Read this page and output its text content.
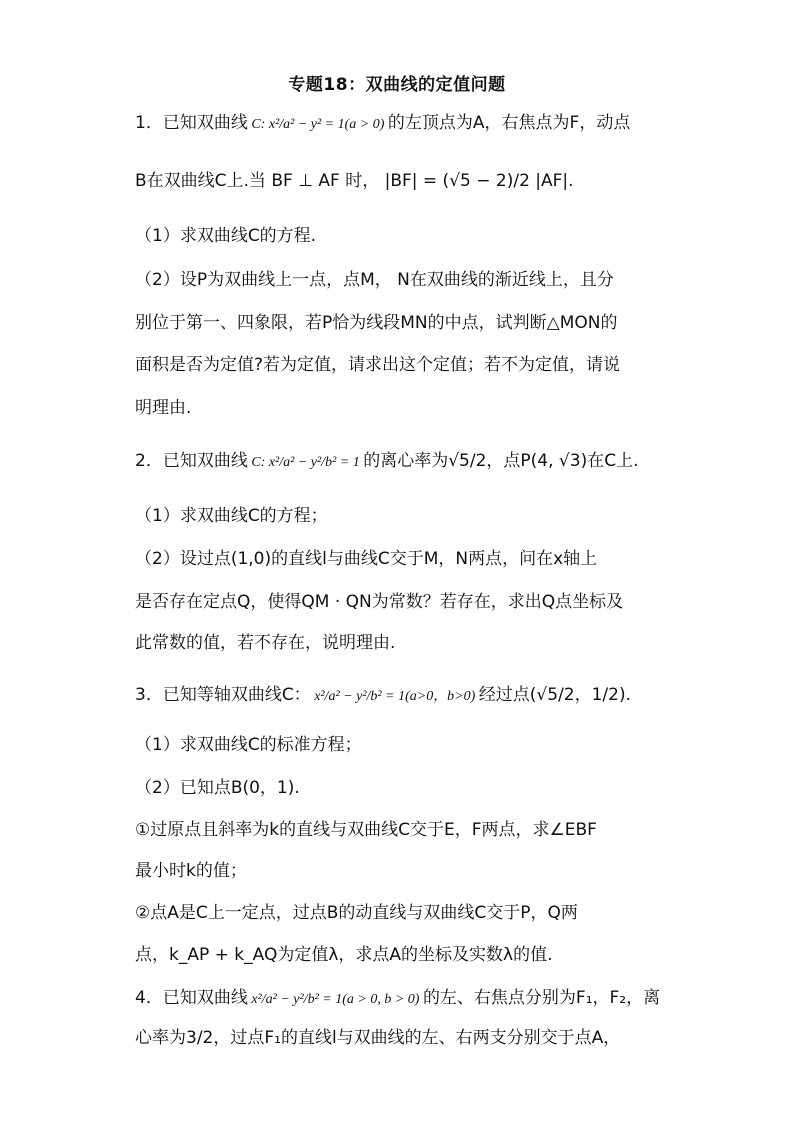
专题18：双曲线的定值问题
1．已知双曲线 C: x²/a² − y² = 1(a > 0) 的左顶点为A，右焦点为F，动点
B在双曲线C上.当 BF ⊥ AF 时， |BF| = (√5 − 2)/2 |AF|.
（1）求双曲线C的方程.
（2）设P为双曲线上一点，点M， N在双曲线的渐近线上，且分
别位于第一、四象限，若P恰为线段MN的中点，试判断△MON的
面积是否为定值?若为定值，请求出这个定值；若不为定值，请说
明理由.
2．已知双曲线 C: x²/a² − y²/b² = 1 的离心率为√5/2，点P(4, √3)在C上.
（1）求双曲线C的方程；
（2）设过点(1,0)的直线l与曲线C交于M，N两点，问在x轴上
是否存在定点Q，使得QM · QN为常数？若存在，求出Q点坐标及
此常数的值，若不存在，说明理由.
3．已知等轴双曲线C： x²/a² − y²/b² = 1(a>0，b>0) 经过点(√5/2，1/2).
（1）求双曲线C的标准方程；
（2）已知点B(0，1).
①过原点且斜率为k的直线与双曲线C交于E，F两点，求∠EBF
最小时k的值；
②点A是C上一定点，过点B的动直线与双曲线C交于P，Q两
点，k_AP + k_AQ为定值λ，求点A的坐标及实数λ的值.
4．已知双曲线 x²/a² − y²/b² = 1(a > 0, b > 0) 的左、右焦点分别为F₁，F₂，离
心率为3/2，过点F₁的直线l与双曲线的左、右两支分别交于点A，
